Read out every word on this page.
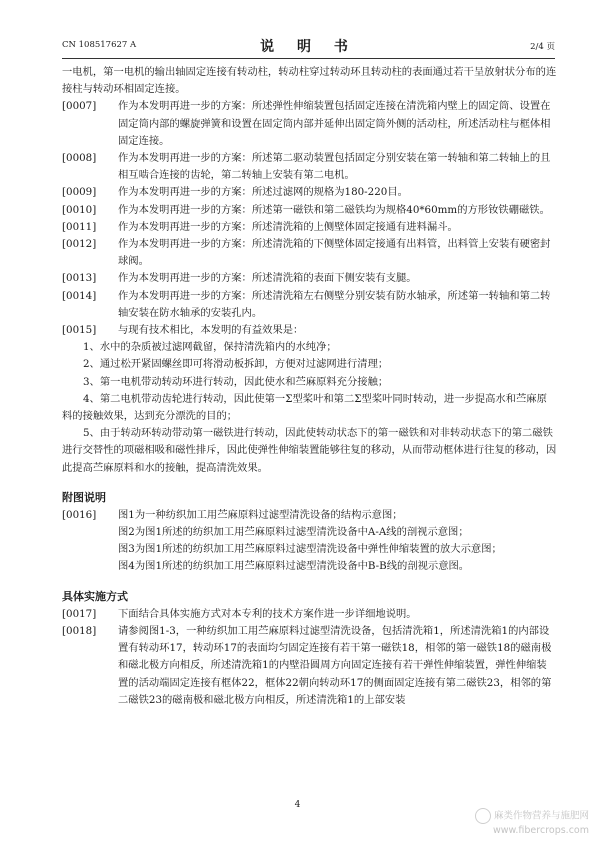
CN 108517627 A	说 明 书	2/4 页

一电机，第一电机的输出轴固定连接有转动柱，转动柱穿过转动环且转动柱的表面通过若干呈放射状分布的连接柱与转动环相固定连接。

[0007]	作为本发明再进一步的方案：所述弹性伸缩装置包括固定连接在清洗箱内壁上的固定筒、设置在固定筒内部的螺旋弹簧和设置在固定筒内部并延伸出固定筒外侧的活动柱，所述活动柱与框体相固定连接。
[0008]	作为本发明再进一步的方案：所述第二驱动装置包括固定分别安装在第一转轴和第二转轴上的且相互啮合连接的齿轮，第二转轴上安装有第二电机。
[0009]	作为本发明再进一步的方案：所述过滤网的规格为180-220目。
[0010]	作为本发明再进一步的方案：所述第一磁铁和第二磁铁均为规格40*60mm的方形钕铁硼磁铁。
[0011]	作为本发明再进一步的方案：所述清洗箱的上侧壁体固定接通有进料漏斗。
[0012]	作为本发明再进一步的方案：所述清洗箱的下侧壁体固定接通有出料管，出料管上安装有硬密封球阀。
[0013]	作为本发明再进一步的方案：所述清洗箱的表面下侧安装有支腿。
[0014]	作为本发明再进一步的方案：所述清洗箱左右侧壁分别安装有防水轴承，所述第一转轴和第二转轴安装在防水轴承的安装孔内。
[0015]	与现有技术相比，本发明的有益效果是：

1、水中的杂质被过滤网截留，保持清洗箱内的水纯净；

2、通过松开紧固螺丝即可将滑动板拆卸，方便对过滤网进行清理；

3、第一电机带动转动环进行转动，因此使水和苎麻原料充分接触；

4、第二电机带动齿轮进行转动，因此使第一Σ型桨叶和第二Σ型桨叶同时转动，进一步提高水和苎麻原料的接触效果，达到充分漂洗的目的；

5、由于转动环转动带动第一磁铁进行转动，因此使转动状态下的第一磁铁和对非转动状态下的第二磁铁进行交替性的项磁相吸和磁性排斥，因此使弹性伸缩装置能够往复的移动，从而带动框体进行往复的移动，因此提高苎麻原料和水的接触，提高清洗效果。

附图说明
[0016]	图1为一种纺织加工用苎麻原料过滤型清洗设备的结构示意图；

图2为图1所述的纺织加工用苎麻原料过滤型清洗设备中A-A线的剖视示意图；

图3为图1所述的纺织加工用苎麻原料过滤型清洗设备中弹性伸缩装置的放大示意图；

图4为图1所述的纺织加工用苎麻原料过滤型清洗设备中B-B线的剖视示意图。

具体实施方式
[0017]	下面结合具体实施方式对本专利的技术方案作进一步详细地说明。
[0018]	请参阅图1-3，一种纺织加工用苎麻原料过滤型清洗设备，包括清洗箱1，所述清洗箱1的内部设置有转动环17，转动环17的表面均匀固定连接有若干第一磁铁18，相邻的第一磁铁18的磁南极和磁北极方向相反，所述清洗箱1的内壁沿圆周方向固定连接有若干弹性伸缩装置，弹性伸缩装置的活动端固定连接有框体22，框体22朝向转动环17的侧面固定连接有第二磁铁23，相邻的第二磁铁23的磁南极和磁北极方向相反，所述清洗箱1的上部安装
4
麻类作物营养与施肥网
www.fibercrops.com
